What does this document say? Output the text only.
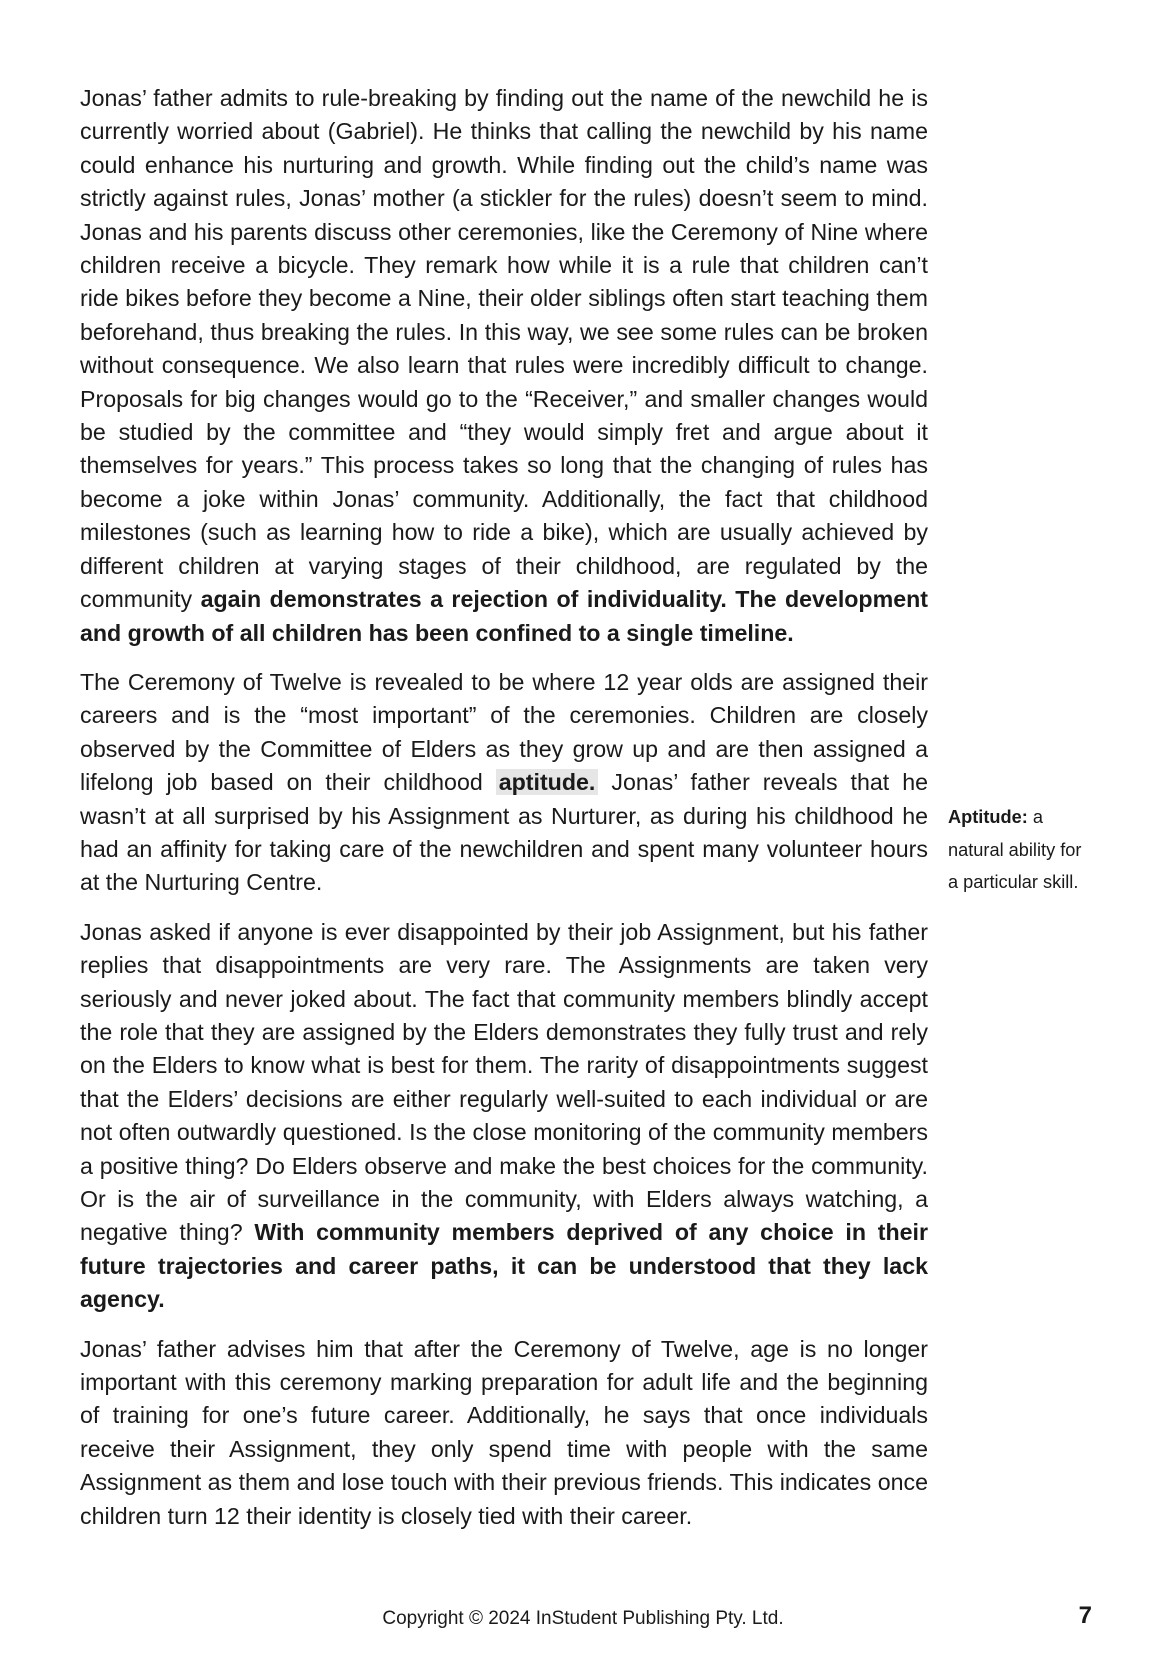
Jonas’ father admits to rule-breaking by finding out the name of the newchild he is currently worried about (Gabriel). He thinks that calling the newchild by his name could enhance his nurturing and growth. While finding out the child’s name was strictly against rules, Jonas’ mother (a stickler for the rules) doesn’t seem to mind. Jonas and his parents discuss other ceremonies, like the Ceremony of Nine where children receive a bicycle. They remark how while it is a rule that children can’t ride bikes before they become a Nine, their older siblings often start teaching them beforehand, thus breaking the rules. In this way, we see some rules can be broken without consequence. We also learn that rules were incredibly difficult to change. Proposals for big changes would go to the “Receiver,” and smaller changes would be studied by the committee and “they would simply fret and argue about it themselves for years.” This process takes so long that the changing of rules has become a joke within Jonas’ community. Additionally, the fact that childhood milestones (such as learning how to ride a bike), which are usually achieved by different children at varying stages of their childhood, are regulated by the community again demonstrates a rejection of individuality. The development and growth of all children has been confined to a single timeline.

The Ceremony of Twelve is revealed to be where 12 year olds are assigned their careers and is the “most important” of the ceremonies. Children are closely observed by the Committee of Elders as they grow up and are then assigned a lifelong job based on their childhood aptitude. Jonas’ father reveals that he wasn’t at all surprised by his Assignment as Nurturer, as during his childhood he had an affinity for taking care of the newchildren and spent many volunteer hours at the Nurturing Centre.

Jonas asked if anyone is ever disappointed by their job Assignment, but his father replies that disappointments are very rare. The Assignments are taken very seriously and never joked about. The fact that community members blindly accept the role that they are assigned by the Elders demonstrates they fully trust and rely on the Elders to know what is best for them. The rarity of disappointments suggest that the Elders’ decisions are either regularly well-suited to each individual or are not often outwardly questioned. Is the close monitoring of the community members a positive thing? Do Elders observe and make the best choices for the community. Or is the air of surveillance in the community, with Elders always watching, a negative thing? With community members deprived of any choice in their future trajectories and career paths, it can be understood that they lack agency.

Jonas’ father advises him that after the Ceremony of Twelve, age is no longer important with this ceremony marking preparation for adult life and the beginning of training for one’s future career. Additionally, he says that once individuals receive their Assignment, they only spend time with people with the same Assignment as them and lose touch with their previous friends. This indicates once children turn 12 their identity is closely tied with their career.

Aptitude: a natural ability for a particular skill.
Copyright © 2024 InStudent Publishing Pty. Ltd.	7
